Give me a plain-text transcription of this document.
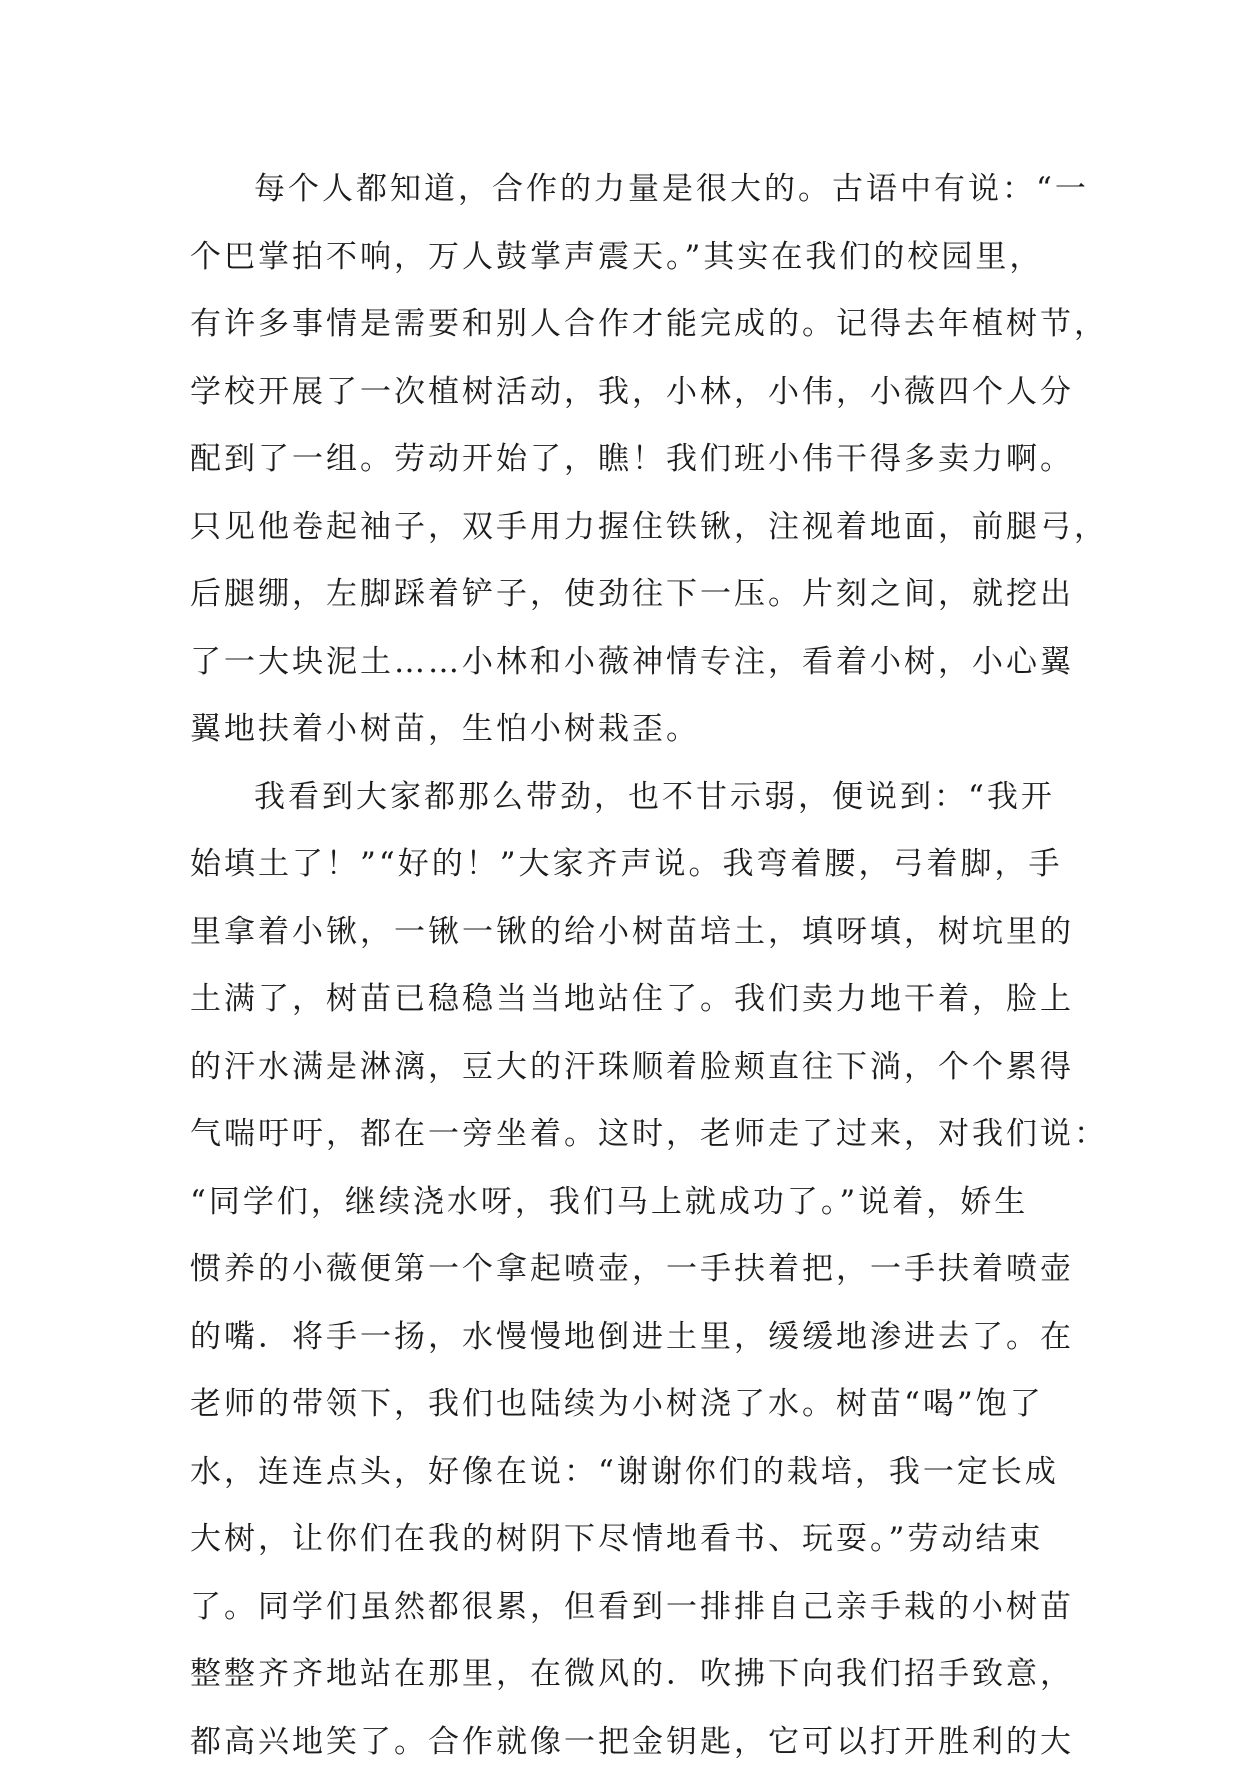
每个人都知道，合作的力量是很大的。古语中有说：“一
个巴掌拍不响，万人鼓掌声震天。”其实在我们的校园里，
有许多事情是需要和别人合作才能完成的。记得去年植树节，
学校开展了一次植树活动，我，小林，小伟，小薇四个人分
配到了一组。劳动开始了，瞧！我们班小伟干得多卖力啊。
只见他卷起袖子，双手用力握住铁锹，注视着地面，前腿弓，
后腿绷，左脚踩着铲子，使劲往下一压。片刻之间，就挖出
了一大块泥土……小林和小薇神情专注，看着小树，小心翼
翼地扶着小树苗，生怕小树栽歪。
我看到大家都那么带劲，也不甘示弱，便说到：“我开
始填土了！”“好的！”大家齐声说。我弯着腰，弓着脚，手
里拿着小锹，一锹一锹的给小树苗培土，填呀填，树坑里的
土满了，树苗已稳稳当当地站住了。我们卖力地干着，脸上
的汗水满是淋漓，豆大的汗珠顺着脸颊直往下淌，个个累得
气喘吁吁，都在一旁坐着。这时，老师走了过来，对我们说：
“同学们，继续浇水呀，我们马上就成功了。”说着，娇生
惯养的小薇便第一个拿起喷壶，一手扶着把，一手扶着喷壶
的嘴．将手一扬，水慢慢地倒进土里，缓缓地渗进去了。在
老师的带领下，我们也陆续为小树浇了水。树苗“喝”饱了
水，连连点头，好像在说：“谢谢你们的栽培，我一定长成
大树，让你们在我的树阴下尽情地看书、玩耍。”劳动结束
了。同学们虽然都很累，但看到一排排自己亲手栽的小树苗
整整齐齐地站在那里，在微风的．吹拂下向我们招手致意，
都高兴地笑了。合作就像一把金钥匙，它可以打开胜利的大
